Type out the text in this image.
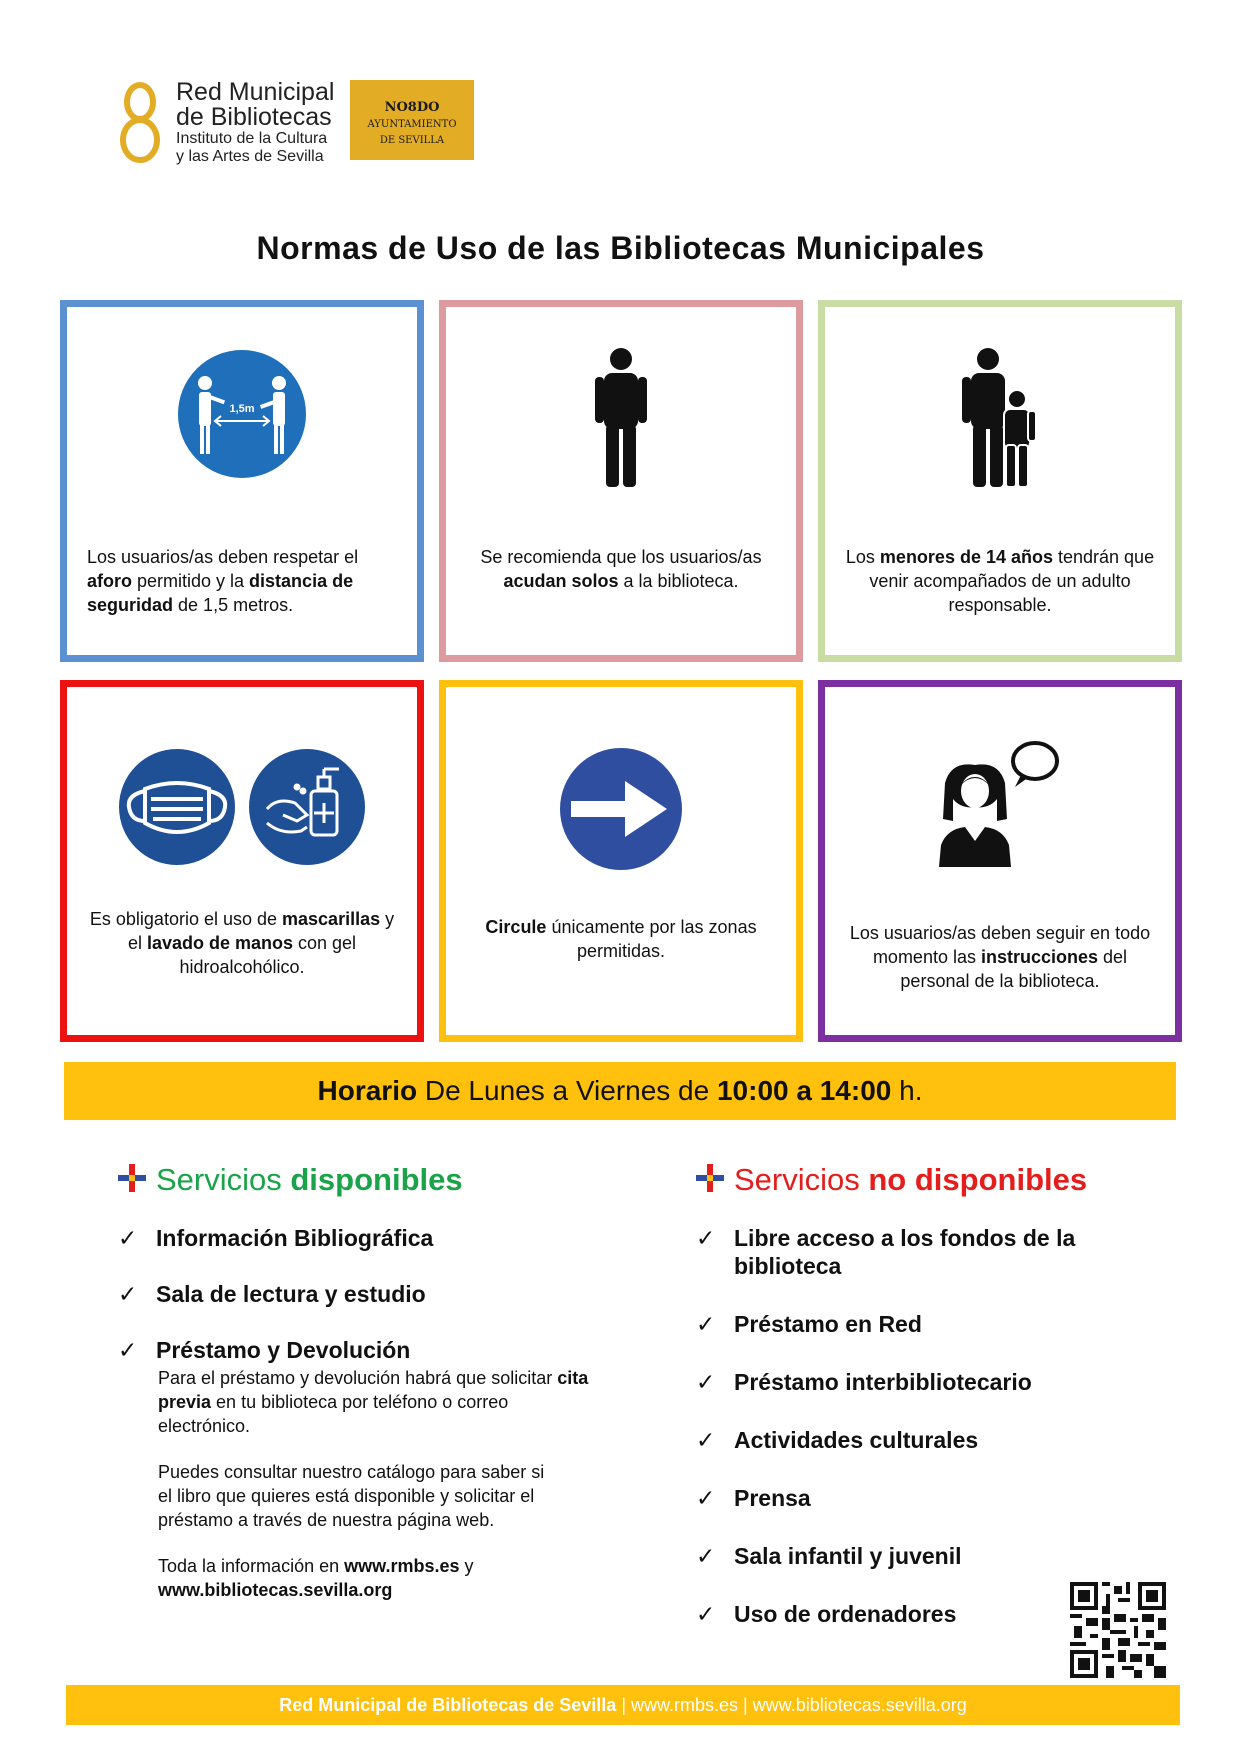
Red Municipal
de Bibliotecas
Instituto de la Cultura
y las Artes de Sevilla
NO8DO
AYUNTAMIENTO
DE SEVILLA
Normas de Uso de las Bibliotecas Municipales
1,5m
Los usuarios/as deben respetar el aforo permitido y la distancia de seguridad de 1,5 metros.
Se recomienda que los usuarios/as acudan solos a la biblioteca.
Los menores de 14 años tendrán que venir acompañados de un adulto responsable.
Es obligatorio el uso de mascarillas y el lavado de manos con gel hidroalcohólico.
Circule únicamente por las zonas permitidas.
Los usuarios/as deben seguir en todo momento las instrucciones del personal de la biblioteca.
Horario De Lunes a Viernes de 10:00 a 14:00 h.
Servicios disponibles
✓ Información Bibliográfica
✓ Sala de lectura y estudio
✓ Préstamo y Devolución
Para el préstamo y devolución habrá que solicitar cita previa en tu biblioteca por teléfono o correo electrónico.
Puedes consultar nuestro catálogo para saber si el libro que quieres está disponible y solicitar el préstamo a través de nuestra página web.
Toda la información en www.rmbs.es y
www.bibliotecas.sevilla.org
Servicios no disponibles
✓ Libre acceso a los fondos de la biblioteca
✓ Préstamo en Red
✓ Préstamo interbibliotecario
✓ Actividades culturales
✓ Prensa
✓ Sala infantil y juvenil
✓ Uso de ordenadores
Red Municipal de Bibliotecas de Sevilla | www.rmbs.es | www.bibliotecas.sevilla.org
